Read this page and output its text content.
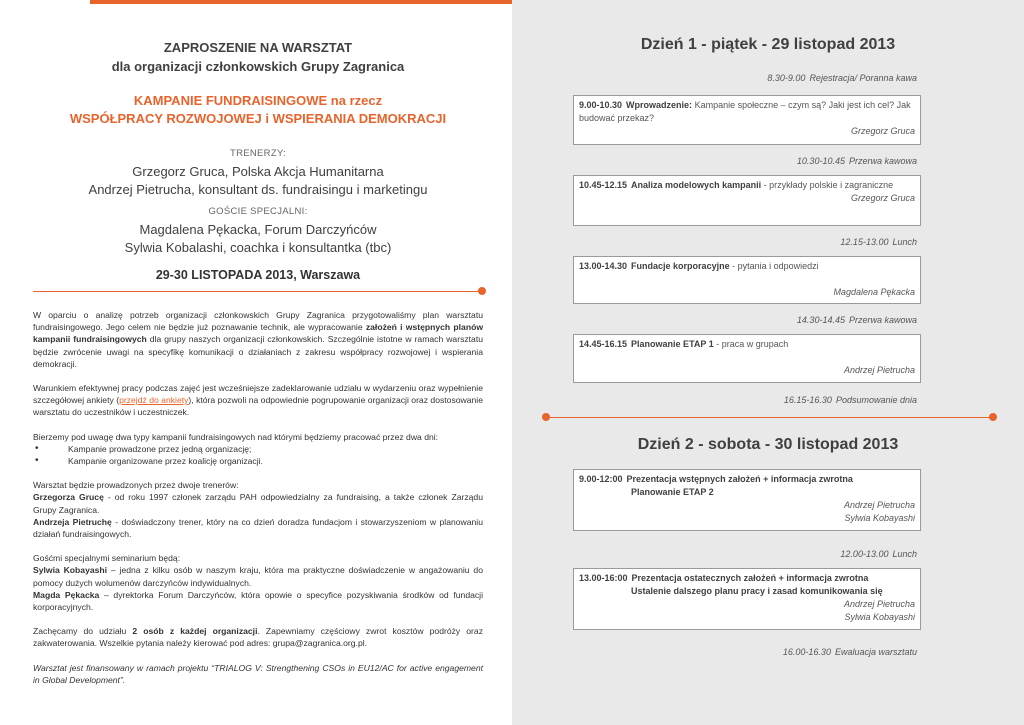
ZAPROSZENIE NA WARSZTAT
dla organizacji członkowskich Grupy Zagranica
KAMPANIE FUNDRAISINGOWE na rzecz
WSPÓŁPRACY ROZWOJOWEJ i WSPIERANIA DEMOKRACJI
TRENERZY:
Grzegorz Gruca, Polska Akcja Humanitarna
Andrzej Pietrucha, konsultant ds. fundraisingu i marketingu
GOŚCIE SPECJALNI:
Magdalena Pękacka, Forum Darczyńców
Sylwia Kobalashi, coachka i konsultantka (tbc)
29-30 LISTOPADA 2013, Warszawa

W oparciu o analizę potrzeb organizacji członkowskich Grupy Zagranica przygotowaliśmy plan warsztatu fundraisingowego. Jego celem nie będzie już poznawanie technik, ale wypracowanie założeń i wstępnych planów kampanii fundraisingowych dla grupy naszych organizacji członkowskich. Szczególnie istotne w ramach warsztatu będzie zwrócenie uwagi na specyfikę komunikacji o działaniach z zakresu współpracy rozwojowej i wspierania demokracji.

Warunkiem efektywnej pracy podczas zajęć jest wcześniejsze zadeklarowanie udziału w wydarzeniu oraz wypełnienie szczegółowej ankiety (przejdź do ankiety), która pozwoli na odpowiednie pogrupowanie organizacji oraz dostosowanie warsztatu do uczestników i uczestniczek.

Bierzemy pod uwagę dwa typy kampanii fundraisingowych nad którymi będziemy pracować przez dwa dni:
•	Kampanie prowadzone przez jedną organizację;
•	Kampanie organizowane przez koalicję organizacji.

Warsztat będzie prowadzonych przez dwoje trenerów:
Grzegorza Grucę - od roku 1997 członek zarządu PAH odpowiedzialny za fundraising, a także członek Zarządu Grupy Zagranica.
Andrzeja Pietruchę - doświadczony trener, który na co dzień doradza fundacjom i stowarzyszeniom w planowaniu działań fundraisingowych.

Gośćmi specjalnymi seminarium będą:
Sylwia Kobayashi – jedna z kilku osób w naszym kraju, która ma praktyczne doświadczenie w angażowaniu do pomocy dużych wolumenów darczyńców indywidualnych.
Magda Pękacka – dyrektorka Forum Darczyńców, która opowie o specyfice pozyskiwania środków od fundacji korporacyjnych.

Zachęcamy do udziału 2 osób z każdej organizacji. Zapewniamy częściowy zwrot kosztów podróży oraz zakwaterowania. Wszelkie pytania należy kierować pod adres: grupa@zagranica.org.pl.

Warsztat jest finansowany w ramach projektu “TRIALOG V: Strengthening CSOs in EU12/AC for active engagement in Global Development”.

Dzień 1 - piątek - 29 listopad 2013
8.30-9.00 Rejestracja/ Poranna kawa
9.00-10.30 Wprowadzenie: Kampanie społeczne – czym są? Jaki jest ich cel? Jak budować przekaz?
Grzegorz Gruca
10.30-10.45 Przerwa kawowa
10.45-12.15 Analiza modelowych kampanii - przykłady polskie i zagraniczne
Grzegorz Gruca
12.15-13.00 Lunch
13.00-14.30 Fundacje korporacyjne - pytania i odpowiedzi
Magdalena Pękacka
14.30-14.45 Przerwa kawowa
14.45-16.15 Planowanie ETAP 1 - praca w grupach
Andrzej Pietrucha
16.15-16.30 Podsumowanie dnia
Dzień 2 - sobota - 30 listopad 2013
9.00-12:00 Prezentacja wstępnych założeń + informacja zwrotna
Planowanie ETAP 2
Andrzej Pietrucha
Sylwia Kobayashi
12.00-13.00 Lunch
13.00-16:00 Prezentacja ostatecznych założeń + informacja zwrotna
Ustalenie dalszego planu pracy i zasad komunikowania się
Andrzej Pietrucha
Sylwia Kobayashi
16.00-16.30 Ewaluacja warsztatu
